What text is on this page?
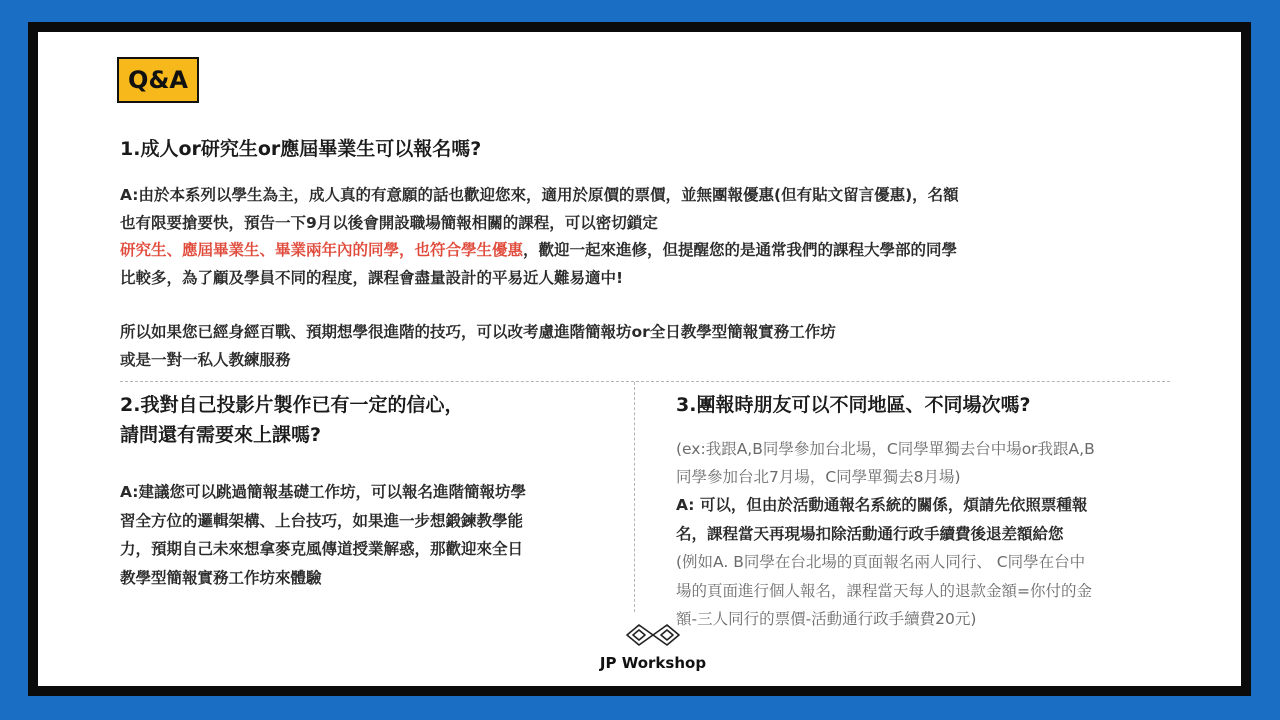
Q&A
1.成人or研究生or應屆畢業生可以報名嗎?

A:由於本系列以學生為主，成人真的有意願的話也歡迎您來，適用於原價的票價，並無團報優惠(但有貼文留言優惠)，名額

也有限要搶要快，預告一下9月以後會開設職場簡報相關的課程，可以密切鎖定

研究生、應屆畢業生、畢業兩年內的同學，也符合學生優惠，歡迎一起來進修，但提醒您的是通常我們的課程大學部的同學

比較多，為了顧及學員不同的程度，課程會盡量設計的平易近人難易適中!

所以如果您已經身經百戰、預期想學很進階的技巧，可以改考慮進階簡報坊or全日教學型簡報實務工作坊

或是一對一私人教練服務

2.我對自己投影片製作已有一定的信心，
請問還有需要來上課嗎?
A:建議您可以跳過簡報基礎工作坊，可以報名進階簡報坊學
習全方位的邏輯架構、上台技巧，如果進一步想鍛鍊教學能
力，預期自己未來想拿麥克風傳道授業解惑，那歡迎來全日
教學型簡報實務工作坊來體驗
3.團報時朋友可以不同地區、不同場次嗎?
(ex:我跟A,B同學參加台北場，C同學單獨去台中場or我跟A,B
同學參加台北7月場，C同學單獨去8月場)
A: 可以，但由於活動通報名系統的關係，煩請先依照票種報
名，課程當天再現場扣除活動通行政手續費後退差額給您
(例如A. B同學在台北場的頁面報名兩人同行、 C同學在台中
場的頁面進行個人報名，課程當天每人的退款金額=你付的金
額-三人同行的票價-活動通行政手續費20元)
JP Workshop
